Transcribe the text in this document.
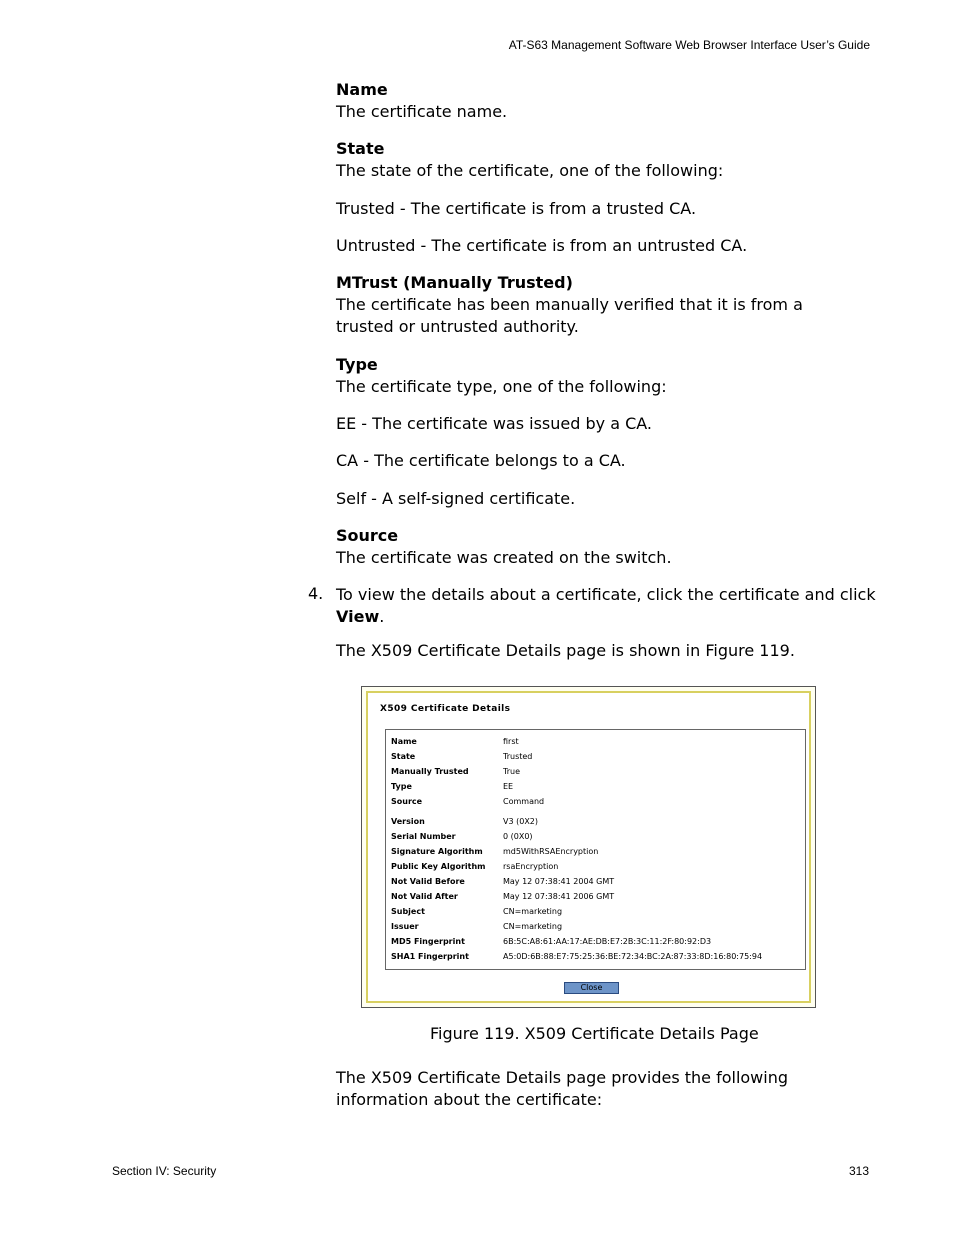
AT-S63 Management Software Web Browser Interface User’s Guide

Name

The certificate name.

State

The state of the certificate, one of the following:

Trusted - The certificate is from a trusted CA.
Untrusted - The certificate is from an untrusted CA.

MTrust (Manually Trusted)

The certificate has been manually verified that it is from a trusted or untrusted authority.

Type

The certificate type, one of the following:

EE - The certificate was issued by a CA.
CA - The certificate belongs to a CA.
Self - A self-signed certificate.

Source

The certificate was created on the switch.

4. To view the details about a certificate, click the certificate and click View.
The X509 Certificate Details page is shown in Figure 119.
X509 Certificate Details
Name	first
State	Trusted
Manually Trusted	True
Type	EE
Source	Command
Version	V3 (0X2)
Serial Number	0 (0X0)
Signature Algorithm	md5WithRSAEncryption
Public Key Algorithm	rsaEncryption
Not Valid Before	May 12 07:38:41 2004 GMT
Not Valid After	May 12 07:38:41 2006 GMT
Subject	CN=marketing
Issuer	CN=marketing
MD5 Fingerprint	6B:5C:A8:61:AA:17:AE:DB:E7:2B:3C:11:2F:80:92:D3
SHA1 Fingerprint	A5:0D:6B:88:E7:75:25:36:BE:72:34:BC:2A:87:33:8D:16:80:75:94
Close
Figure 119. X509 Certificate Details Page
The X509 Certificate Details page provides the following information about the certificate:
Section IV: Security	313
